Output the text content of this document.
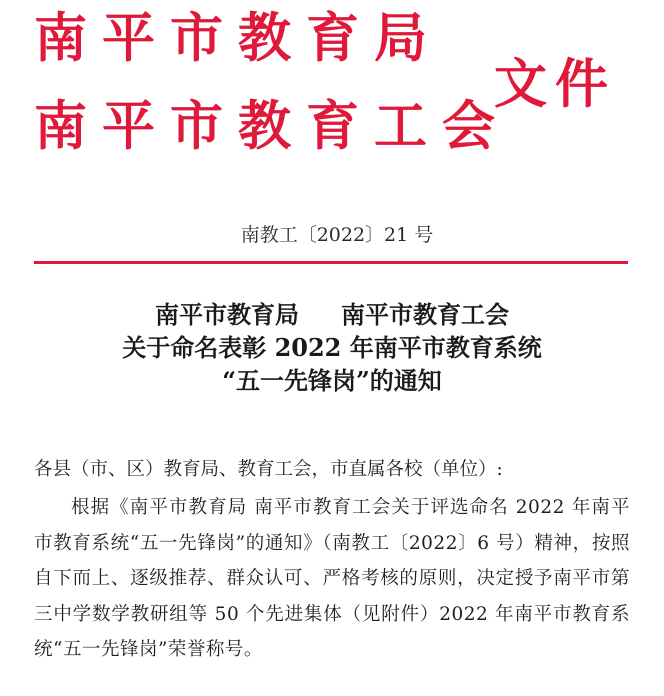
南平市教育局
南平市教育工会
文件
南教工〔2022〕21 号
南平市教育局 南平市教育工会
关于命名表彰 2022 年南平市教育系统
“五一先锋岗”的通知
各县（市、区）教育局、教育工会，市直属各校（单位）:
根据《南平市教育局 南平市教育工会关于评选命名 2022 年南平市教育系统“五一先锋岗”的通知》（南教工〔2022〕6 号）精神，按照自下而上、逐级推荐、群众认可、严格考核的原则，决定授予南平市第三中学数学教研组等 50 个先进集体（见附件）2022 年南平市教育系统“五一先锋岗”荣誉称号。
